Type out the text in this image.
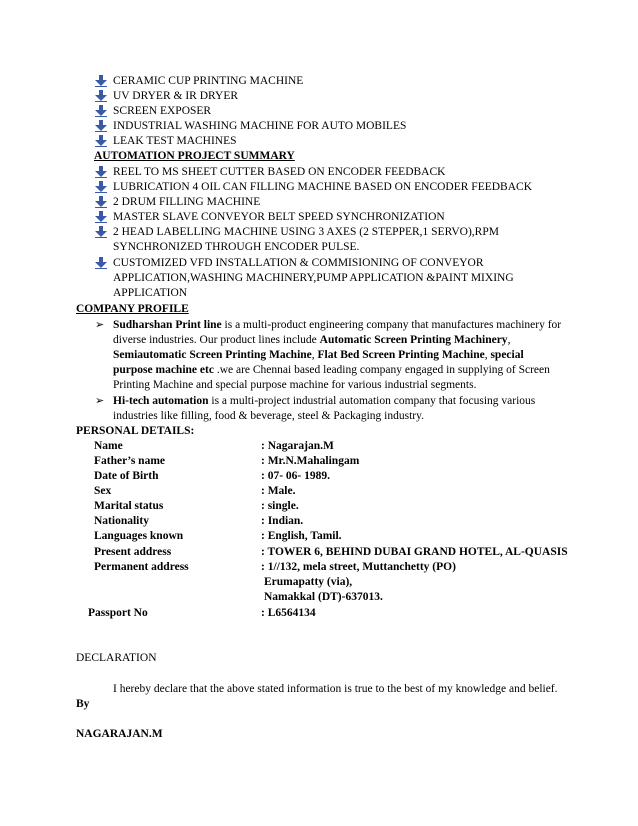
CERAMIC CUP PRINTING MACHINE
UV DRYER & IR DRYER
SCREEN EXPOSER
INDUSTRIAL WASHING MACHINE FOR AUTO MOBILES
LEAK TEST MACHINES
AUTOMATION PROJECT SUMMARY
REEL TO MS SHEET CUTTER BASED ON ENCODER FEEDBACK
LUBRICATION 4 OIL CAN FILLING MACHINE BASED ON ENCODER FEEDBACK
2 DRUM FILLING MACHINE
MASTER SLAVE CONVEYOR BELT SPEED SYNCHRONIZATION
2 HEAD LABELLING MACHINE USING 3 AXES (2 STEPPER,1 SERVO),RPM
SYNCHRONIZED THROUGH ENCODER PULSE.
CUSTOMIZED VFD INSTALLATION & COMMISIONING OF CONVEYOR
APPLICATION,WASHING MACHINERY,PUMP APPLICATION &PAINT MIXING
APPLICATION
COMPANY PROFILE
➢ Sudharshan Print line is a multi-product engineering company that manufactures machinery for
diverse industries. Our product lines include Automatic Screen Printing Machinery,
Semiautomatic Screen Printing Machine, Flat Bed Screen Printing Machine, special
purpose machine etc .we are Chennai based leading company engaged in supplying of Screen
Printing Machine and special purpose machine for various industrial segments.
➢ Hi-tech automation is a multi-project industrial automation company that focusing various
industries like filling, food & beverage, steel & Packaging industry.
PERSONAL DETAILS:
Name	: Nagarajan.M
Father’s name	: Mr.N.Mahalingam
Date of Birth	: 07- 06- 1989.
Sex	: Male.
Marital status	: single.
Nationality	: Indian.
Languages known	: English, Tamil.
Present address	: TOWER 6, BEHIND DUBAI GRAND HOTEL, AL-QUASIS
Permanent address	: 1//132, mela street, Muttanchetty (PO)
Erumapatty (via),
Namakkal (DT)-637013.
Passport No	: L6564134
DECLARATION
I hereby declare that the above stated information is true to the best of my knowledge and belief.
By
NAGARAJAN.M
